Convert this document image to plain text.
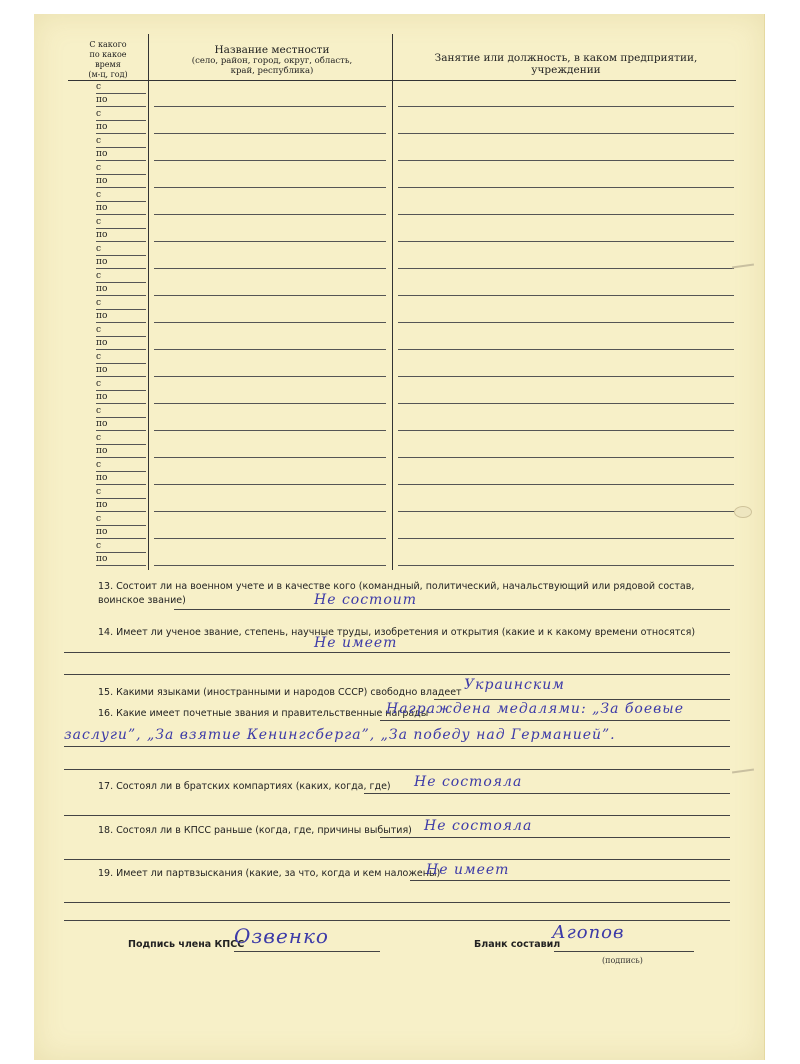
С какого
по какое
время
(м-ц, год)
Название местности
(село, район, город, округ, область,
край, республика)
Занятие или должность, в каком предприятии,
учреждении
с
по
с
по
с
по
с
по
с
по
с
по
с
по
с
по
с
по
с
по
с
по
с
по
с
по
с
по
с
по
с
по
с
по
с
по
13. Состоит ли на военном учете и в качестве кого (командный, политический, начальствующий или рядовой состав,
воинское звание)	Не состоит
14. Имеет ли ученое звание, степень, научные труды, изобретения и открытия (какие и к какому времени относятся)
Не имеет
15. Какими языками (иностранными и народов СССР) свободно владеет Украинским
16. Какие имеет почетные звания и правительственные награды
Награждена медалями: „За боевые
заслуги”, „За взятие Кенингсберга”, „За победу над Германией”.
17. Состоял ли в братских компартиях (каких, когда, где)	Не состояла
18. Состоял ли в КПСС раньше (когда, где, причины выбытия) Не состояла
19. Имеет ли партвзыскания (какие, за что, когда и кем наложены)
Не имеет
Подпись члена КПСС
Озвенко	Бланк составил
Агопов
(подпись)
